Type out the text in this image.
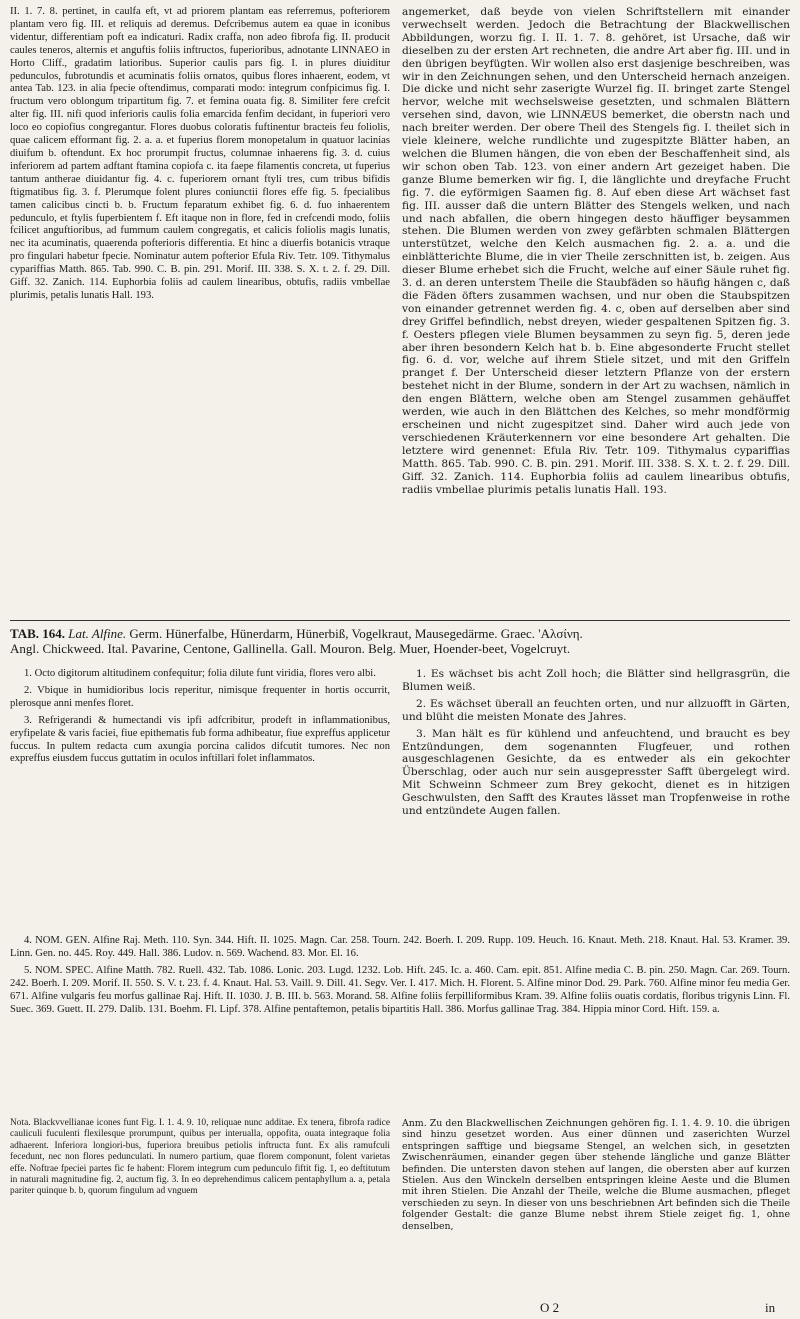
II. 1. 7. 8. pertinet, in caulfa eft, vt ad priorem plantam eas referremus, pofteriorem plantam vero fig. III. et reliquis ad deremus. Defcribemus autem ea quae in iconibus videntur, differentiam poft ea indicaturi. Radix craffa, non adeo fibrofa fig. II. producit caules teneros, alternis et anguftis foliis inftructos, fuperioribus, adnotante LINNAEO in Horto Cliff., gradatim latioribus. Superior caulis pars fig. I. in plures diuiditur pedunculos, fubrotundis et acuminatis foliis ornatos, quibus flores inhaerent, eodem, vt antea Tab. 123. in alia fpecie oftendimus, comparati modo: integrum confpicimus fig. I. fructum vero oblongum tripartitum fig. 7. et femina ouata fig. 8. Similiter fere crefcit alter fig. III. nifi quod inferioris caulis folia emarcida fenfim decidant, in fuperiori vero loco eo copiofius congregantur. Flores duobus coloratis fuftinentur bracteis feu foliolis, quae calicem efformant fig. 2. a. a. et fuperius florem monopetalum in quatuor lacinias diuifum b. oftendunt. Ex hoc prorumpit fructus, columnae inhaerens fig. 3. d. cuius inferiorem ad partem adftant ftamina copiofa c. ita faepe filamentis concreta, ut fuperius tantum antherae diuidantur fig. 4. c. fuperiorem ornant ftyli tres, cum tribus bifidis ftigmatibus fig. 3. f. Plerumque folent plures coniunctii flores effe fig. 5. fpecialibus tamen calicibus cincti b. b. Fructum feparatum exhibet fig. 6. d. fuo inhaerentem pedunculo, et ftylis fuperbientem f. Eft itaque non in flore, fed in crefcendi modo, foliis fcilicet anguftioribus, ad fummum caulem congregatis, et calicis foliolis magis lunatis, nec ita acuminatis, quaerenda pofterioris differentia. Et hinc a diuerfis botanicis vtraque pro fingulari habetur fpecie. Nominatur autem pofterior Efula Riv. Tetr. 109. Tithymalus cypariffias Matth. 865. Tab. 990. C. B. pin. 291. Morif. III. 338. S. X. t. 2. f. 29. Dill. Giff. 32. Zanich. 114. Euphorbia foliis ad caulem linearibus, obtufis, radiis vmbellae plurimis, petalis lunatis Hall. 193.
angemerket, daß beyde von vielen Schriftstellern mit einander verwechselt werden. Jedoch die Betrachtung der Blackwellischen Abbildungen, worzu fig. I. II. 1. 7. 8. gehöret, ist Ursache, daß wir dieselben zu der ersten Art rechneten, die andre Art aber fig. III. und in den übrigen beyfügten. Wir wollen also erst dasjenige beschreiben, was wir in den Zeichnungen sehen, und den Unterscheid hernach anzeigen. Die dicke und nicht sehr zaserigte Wurzel fig. II. bringet zarte Stengel hervor, welche mit wechselsweise gesetzten, und schmalen Blättern versehen sind, davon, wie LINNÆUS bemerket, die oberstn nach und nach breiter werden. Der obere Theil des Stengels fig. I. theilet sich in viele kleinere, welche rundlichte und zugespitzte Blätter haben, an welchen die Blumen hängen, die von eben der Beschaffenheit sind, als wir schon oben Tab. 123. von einer andern Art gezeiget haben. Die ganze Blume bemerken wir fig. I, die länglichte und dreyfache Frucht fig. 7. die eyförmigen Saamen fig. 8. Auf eben diese Art wächset fast fig. III. ausser daß die untern Blätter des Stengels welken, und nach und nach abfallen, die obern hingegen desto häuffiger beysammen stehen. Die Blumen werden von zwey gefärbten schmalen Blättergen unterstützet, welche den Kelch ausmachen fig. 2. a. a. und die einblätterichte Blume, die in vier Theile zerschnitten ist, b. zeigen. Aus dieser Blume erhebet sich die Frucht, welche auf einer Säule ruhet fig. 3. d. an deren unterstem Theile die Staubfäden so häufig hängen c, daß die Fäden öfters zusammen wachsen, und nur oben die Staubspitzen von einander getrennet werden fig. 4. c, oben auf derselben aber sind drey Griffel befindlich, nebst dreyen, wieder gespaltenen Spitzen fig. 3. f. Oesters pflegen viele Blumen beysammen zu seyn fig. 5, deren jede aber ihren besondern Kelch hat b. b. Eine abgesonderte Frucht stellet fig. 6. d. vor, welche auf ihrem Stiele sitzet, und mit den Griffeln pranget f. Der Unterscheid dieser letztern Pflanze von der erstern bestehet nicht in der Blume, sondern in der Art zu wachsen, nämlich in den engen Blättern, welche oben am Stengel zusammen gehäuffet werden, wie auch in den Blättchen des Kelches, so mehr mondförmig erscheinen und nicht zugespitzet sind. Daher wird auch jede von verschiedenen Kräuterkennern vor eine besondere Art gehalten. Die letztere wird genennet: Efula Riv. Tetr. 109. Tithymalus cypariffias Matth. 865. Tab. 990. C. B. pin. 291. Morif. III. 338. S. X. t. 2. f. 29. Dill. Giff. 32. Zanich. 114. Euphorbia foliis ad caulem linearibus obtufis, radiis vmbellae plurimis petalis lunatis Hall. 193.
TAB. 164. Lat. Alfine. Germ. Hünerfalbe, Hünerdarm, Hünerbiß, Vogelkraut, Mausegedärme. Graec. 'Αλσίνη.
Angl. Chickweed. Ital. Pavarine, Centone, Gallinella. Gall. Mouron. Belg. Muer, Hoender-beet, Vogelcruyt.

1. Octo digitorum altitudinem confequitur; folia dilute funt viridia, flores vero albi.

2. Vbique in humidioribus locis reperitur, nimisque frequenter in hortis occurrit, plerosque anni menfes floret.

3. Refrigerandi & humectandi vis ipfi adfcribitur, prodeft in inflammationibus, eryfipelate & varis faciei, fiue epithematis fub forma adhibeatur, fiue expreffus applicetur fuccus. In pultem redacta cum axungia porcina calidos difcutit tumores. Nec non expreffus eiusdem fuccus guttatim in oculos inftillari folet inflammatos.

1. Es wächset bis acht Zoll hoch; die Blätter sind hellgrasgrün, die Blumen weiß.

2. Es wächset überall an feuchten orten, und nur allzuofft in Gärten, und blüht die meisten Monate des Jahres.

3. Man hält es für kühlend und anfeuchtend, und braucht es bey Entzündungen, dem sogenannten Flugfeuer, und rothen ausgeschlagenen Gesichte, da es entweder als ein gekochter Überschlag, oder auch nur sein ausgepresster Safft übergelegt wird. Mit Schweinn Schmeer zum Brey gekocht, dienet es in hitzigen Geschwulsten, den Safft des Krautes lässet man Tropfenweise in rothe und entzündete Augen fallen.

4. NOM. GEN. Alfine Raj. Meth. 110. Syn. 344. Hift. II. 1025. Magn. Car. 258. Tourn. 242. Boerh. I. 209. Rupp. 109. Heuch. 16. Knaut. Meth. 218. Knaut. Hal. 53. Kramer. 39. Linn. Gen. no. 445. Roy. 449. Hall. 386. Ludov. n. 569. Wachend. 83. Mor. El. 16.

5. NOM. SPEC. Alfine Matth. 782. Ruell. 432. Tab. 1086. Lonic. 203. Lugd. 1232. Lob. Hift. 245. Ic. a. 460. Cam. epit. 851. Alfine media C. B. pin. 250. Magn. Car. 269. Tourn. 242. Boerh. I. 209. Morif. II. 550. S. V. t. 23. f. 4. Knaut. Hal. 53. Vaill. 9. Dill. 41. Segv. Ver. I. 417. Mich. H. Florent. 5. Alfine minor Dod. 29. Park. 760. Alfine minor feu media Ger. 671. Alfine vulgaris feu morfus gallinae Raj. Hift. II. 1030. J. B. III. b. 563. Morand. 58. Alfine foliis ferpilliformibus Kram. 39. Alfine foliis ouatis cordatis, floribus trigynis Linn. Fl. Suec. 369. Guett. II. 279. Dalib. 131. Boehm. Fl. Lipf. 378. Alfine pentaftemon, petalis bipartitis Hall. 386. Morfus gallinae Trag. 384. Hippia minor Cord. Hift. 159. a.

Nota. Blackvvellianae icones funt Fig. I. 1. 4. 9. 10, reliquae nunc additae. Ex tenera, fibrofa radice cauliculi fuculenti flexilesque prorumpunt, quibus per interualla, oppofita, ouata integraque folia adhaerent. Inferiora longiori-bus, fuperiora breuibus petiolis inftructa funt. Ex alis ramufculi fecedunt, nec non flores pedunculati. In numero partium, quae florem componunt, folent varietas effe. Noftrae fpeciei partes fic fe habent: Florem integrum cum pedunculo fiftit fig. 1, eo deftitutum in naturali magnitudine fig. 2, auctum fig. 3. In eo deprehendimus calicem pentaphyllum a. a, petala pariter quinque b. b, quorum fingulum ad vnguem
Anm. Zu den Blackwellischen Zeichnungen gehören fig. I. 1. 4. 9. 10. die übrigen sind hinzu gesetzet worden. Aus einer dünnen und zaserichten Wurzel entspringen safftige und biegsame Stengel, an welchen sich, in gesetzten Zwischenräumen, einander gegen über stehende längliche und ganze Blätter befinden. Die untersten davon stehen auf langen, die obersten aber auf kurzen Stielen. Aus den Winckeln derselben entspringen kleine Aeste und die Blumen mit ihren Stielen. Die Anzahl der Theile, welche die Blume ausmachen, pfleget verschieden zu seyn. In dieser von uns beschriebnen Art befinden sich die Theile folgender Gestalt: die ganze Blume nebst ihrem Stiele zeiget fig. 1, ohne denselben,
O 2	in
